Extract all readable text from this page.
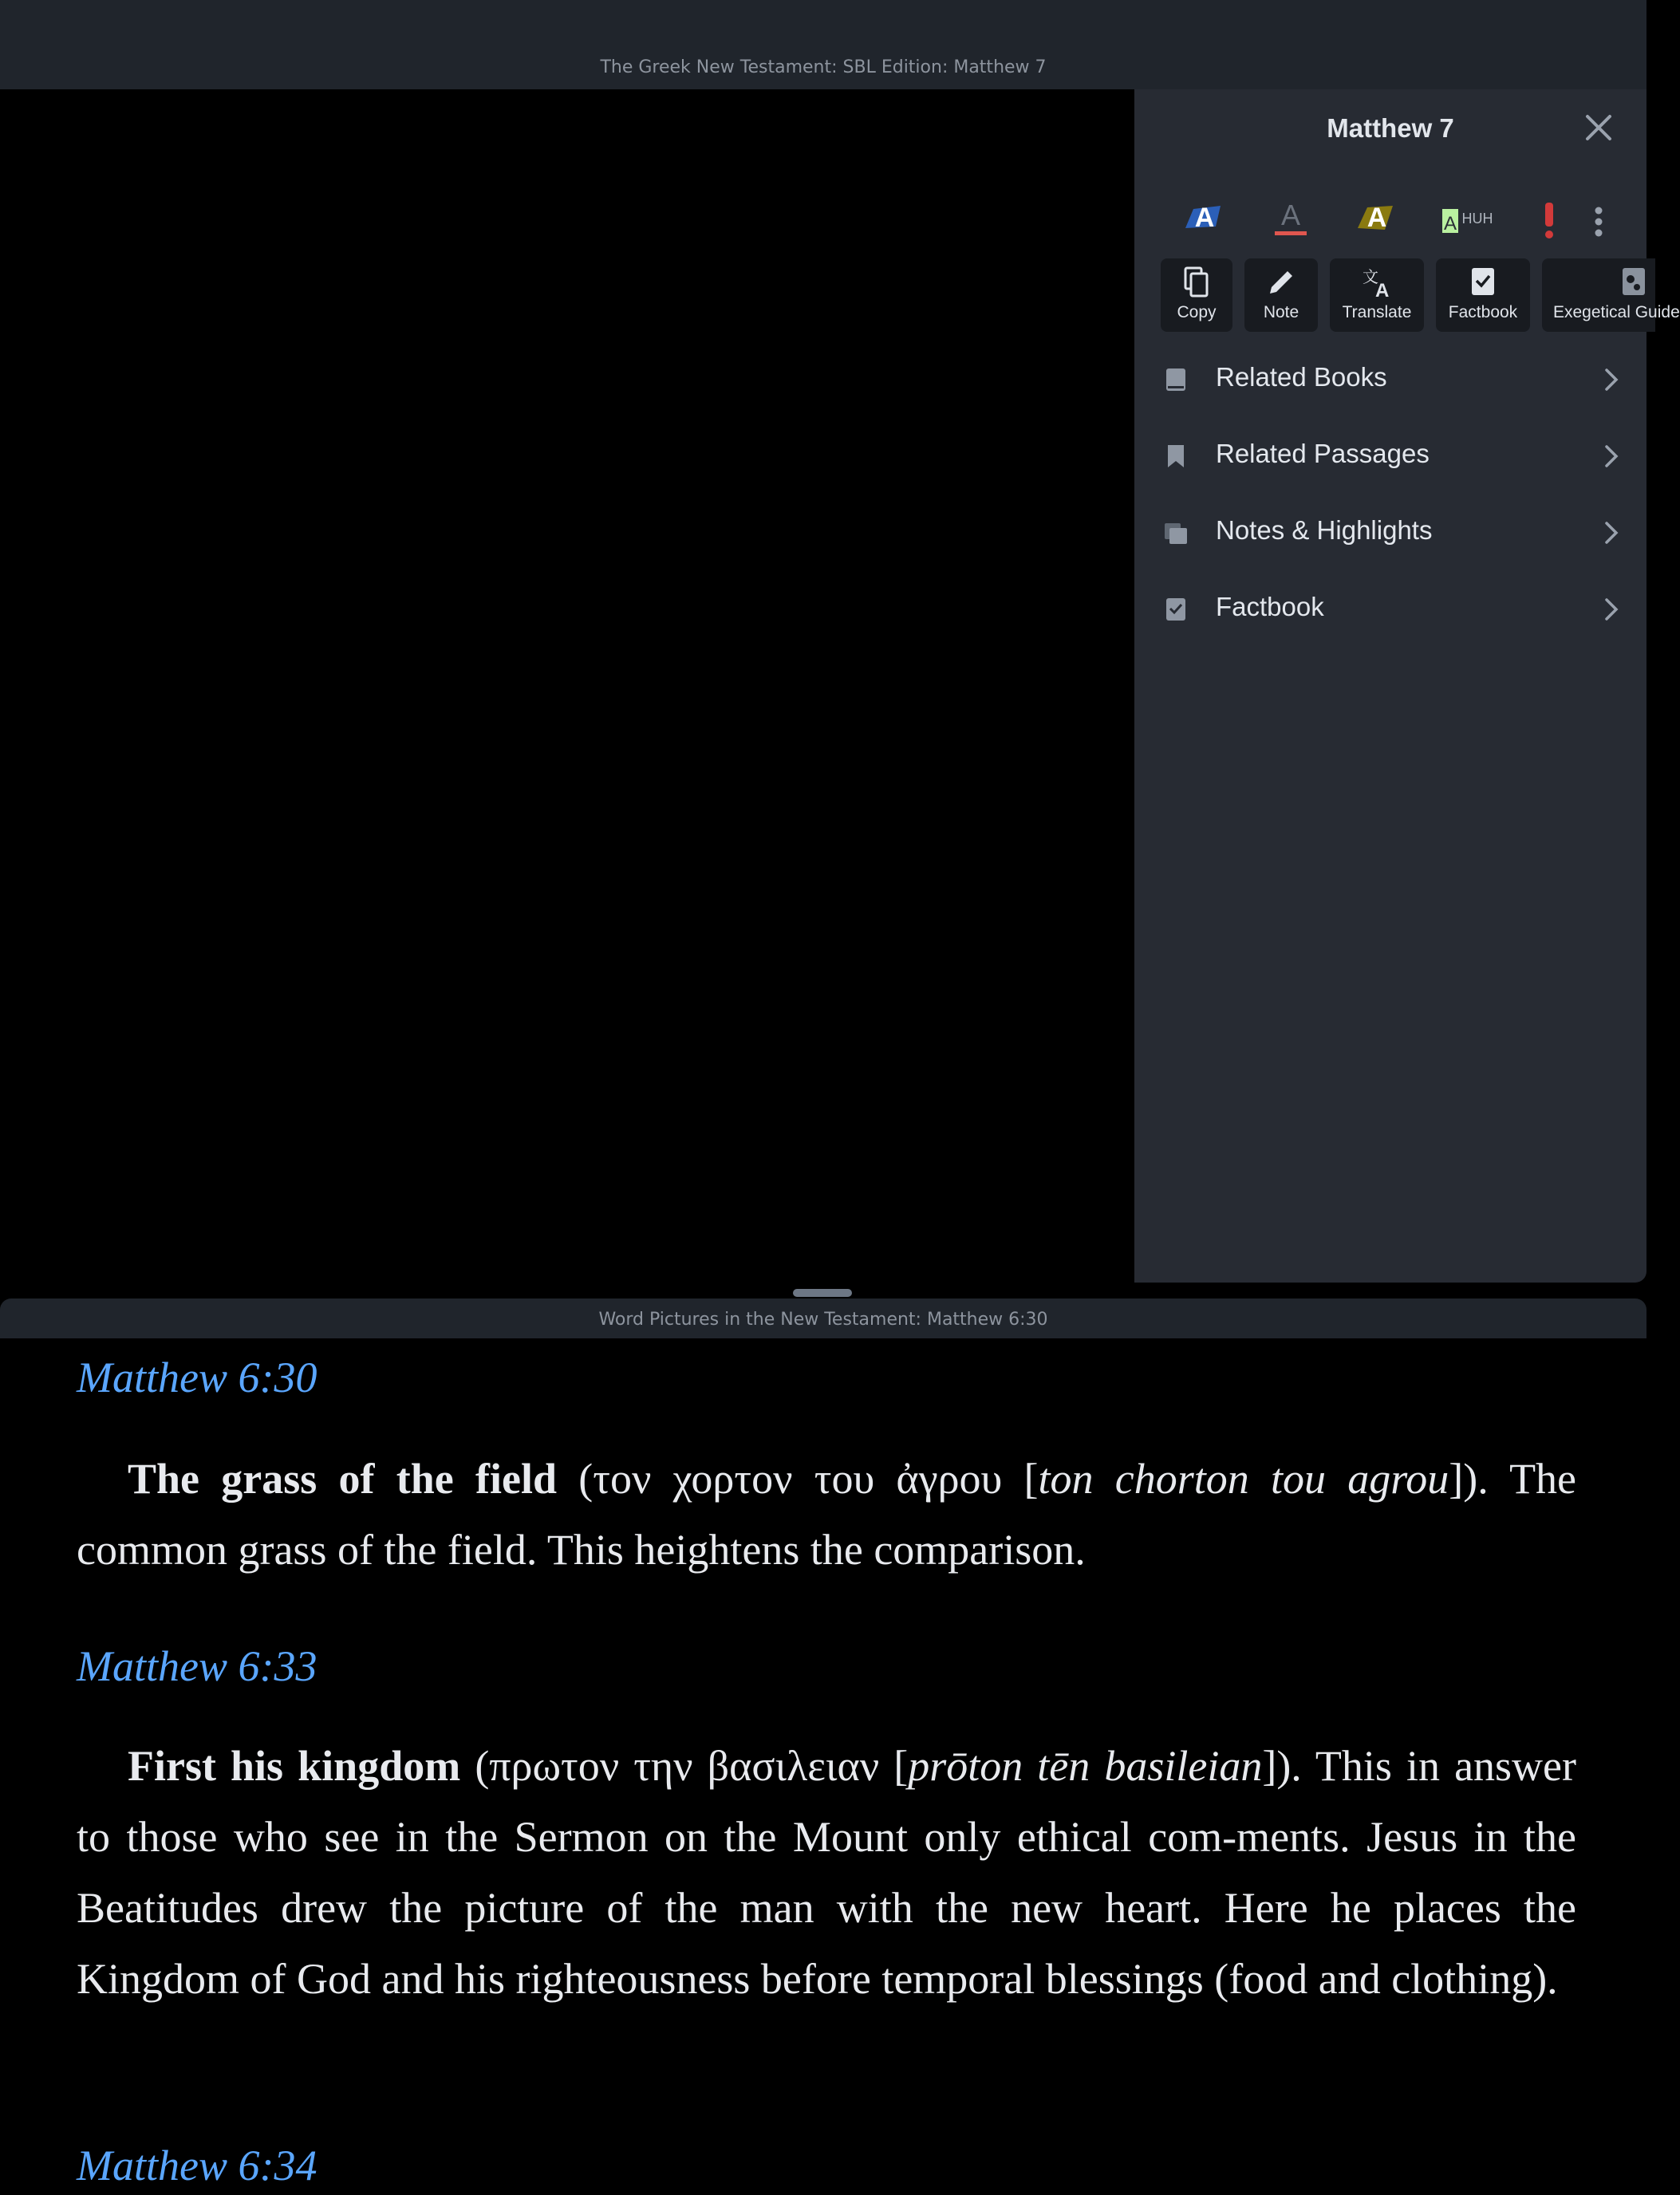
The Greek New Testament: SBL Edition: Matthew 7
Matthew 7
A A A	A HUH
Copy	Note
文
A
Translate	Factbook	Exegetical Guide
Related Books
Related Passages
Notes & Highlights
Factbook
Word Pictures in the New Testament: Matthew 6:30
Matthew 6:30
The grass of the field (τον χορτον του ἀγρου [ton chorton tou agrou]). The common grass of the field. This heightens the comparison.
Matthew 6:33
First his kingdom (πρωτον την βασιλειαν [prōton tēn basileian]). This in answer to those who see in the Sermon on the Mount only ethical com-ments. Jesus in the Beatitudes drew the picture of the man with the new heart. Here he places the Kingdom of God and his righteousness before temporal blessings (food and clothing).
Matthew 6:34
